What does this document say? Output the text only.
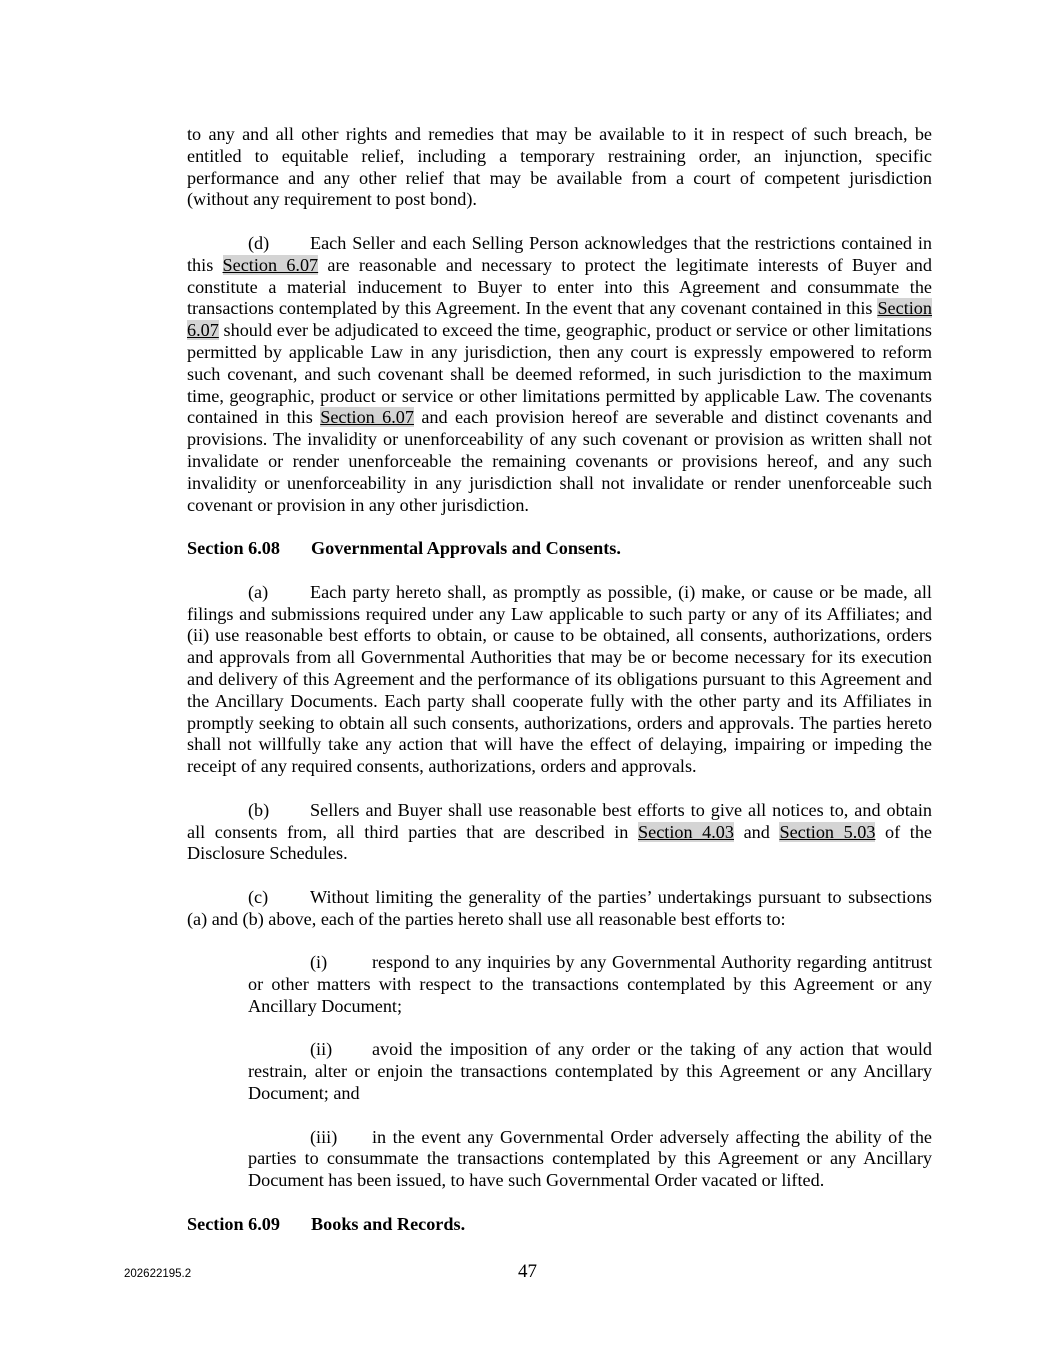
to any and all other rights and remedies that may be available to it in respect of such breach, be entitled to equitable relief, including a temporary restraining order, an injunction, specific performance and any other relief that may be available from a court of competent jurisdiction (without any requirement to post bond).

(d) Each Seller and each Selling Person acknowledges that the restrictions contained in this Section 6.07 are reasonable and necessary to protect the legitimate interests of Buyer and constitute a material inducement to Buyer to enter into this Agreement and consummate the transactions contemplated by this Agreement. In the event that any covenant contained in this Section 6.07 should ever be adjudicated to exceed the time, geographic, product or service or other limitations permitted by applicable Law in any jurisdiction, then any court is expressly empowered to reform such covenant, and such covenant shall be deemed reformed, in such jurisdiction to the maximum time, geographic, product or service or other limitations permitted by applicable Law. The covenants contained in this Section 6.07 and each provision hereof are severable and distinct covenants and provisions. The invalidity or unenforceability of any such covenant or provision as written shall not invalidate or render unenforceable the remaining covenants or provisions hereof, and any such invalidity or unenforceability in any jurisdiction shall not invalidate or render unenforceable such covenant or provision in any other jurisdiction.

Section 6.08 Governmental Approvals and Consents.

(a) Each party hereto shall, as promptly as possible, (i) make, or cause or be made, all filings and submissions required under any Law applicable to such party or any of its Affiliates; and (ii) use reasonable best efforts to obtain, or cause to be obtained, all consents, authorizations, orders and approvals from all Governmental Authorities that may be or become necessary for its execution and delivery of this Agreement and the performance of its obligations pursuant to this Agreement and the Ancillary Documents. Each party shall cooperate fully with the other party and its Affiliates in promptly seeking to obtain all such consents, authorizations, orders and approvals. The parties hereto shall not willfully take any action that will have the effect of delaying, impairing or impeding the receipt of any required consents, authorizations, orders and approvals.

(b) Sellers and Buyer shall use reasonable best efforts to give all notices to, and obtain all consents from, all third parties that are described in Section 4.03 and Section 5.03 of the Disclosure Schedules.

(c) Without limiting the generality of the parties’ undertakings pursuant to subsections (a) and (b) above, each of the parties hereto shall use all reasonable best efforts to:

(i) respond to any inquiries by any Governmental Authority regarding antitrust or other matters with respect to the transactions contemplated by this Agreement or any Ancillary Document;

(ii) avoid the imposition of any order or the taking of any action that would restrain, alter or enjoin the transactions contemplated by this Agreement or any Ancillary Document; and

(iii) in the event any Governmental Order adversely affecting the ability of the parties to consummate the transactions contemplated by this Agreement or any Ancillary Document has been issued, to have such Governmental Order vacated or lifted.

Section 6.09 Books and Records.

202622195.2	47
